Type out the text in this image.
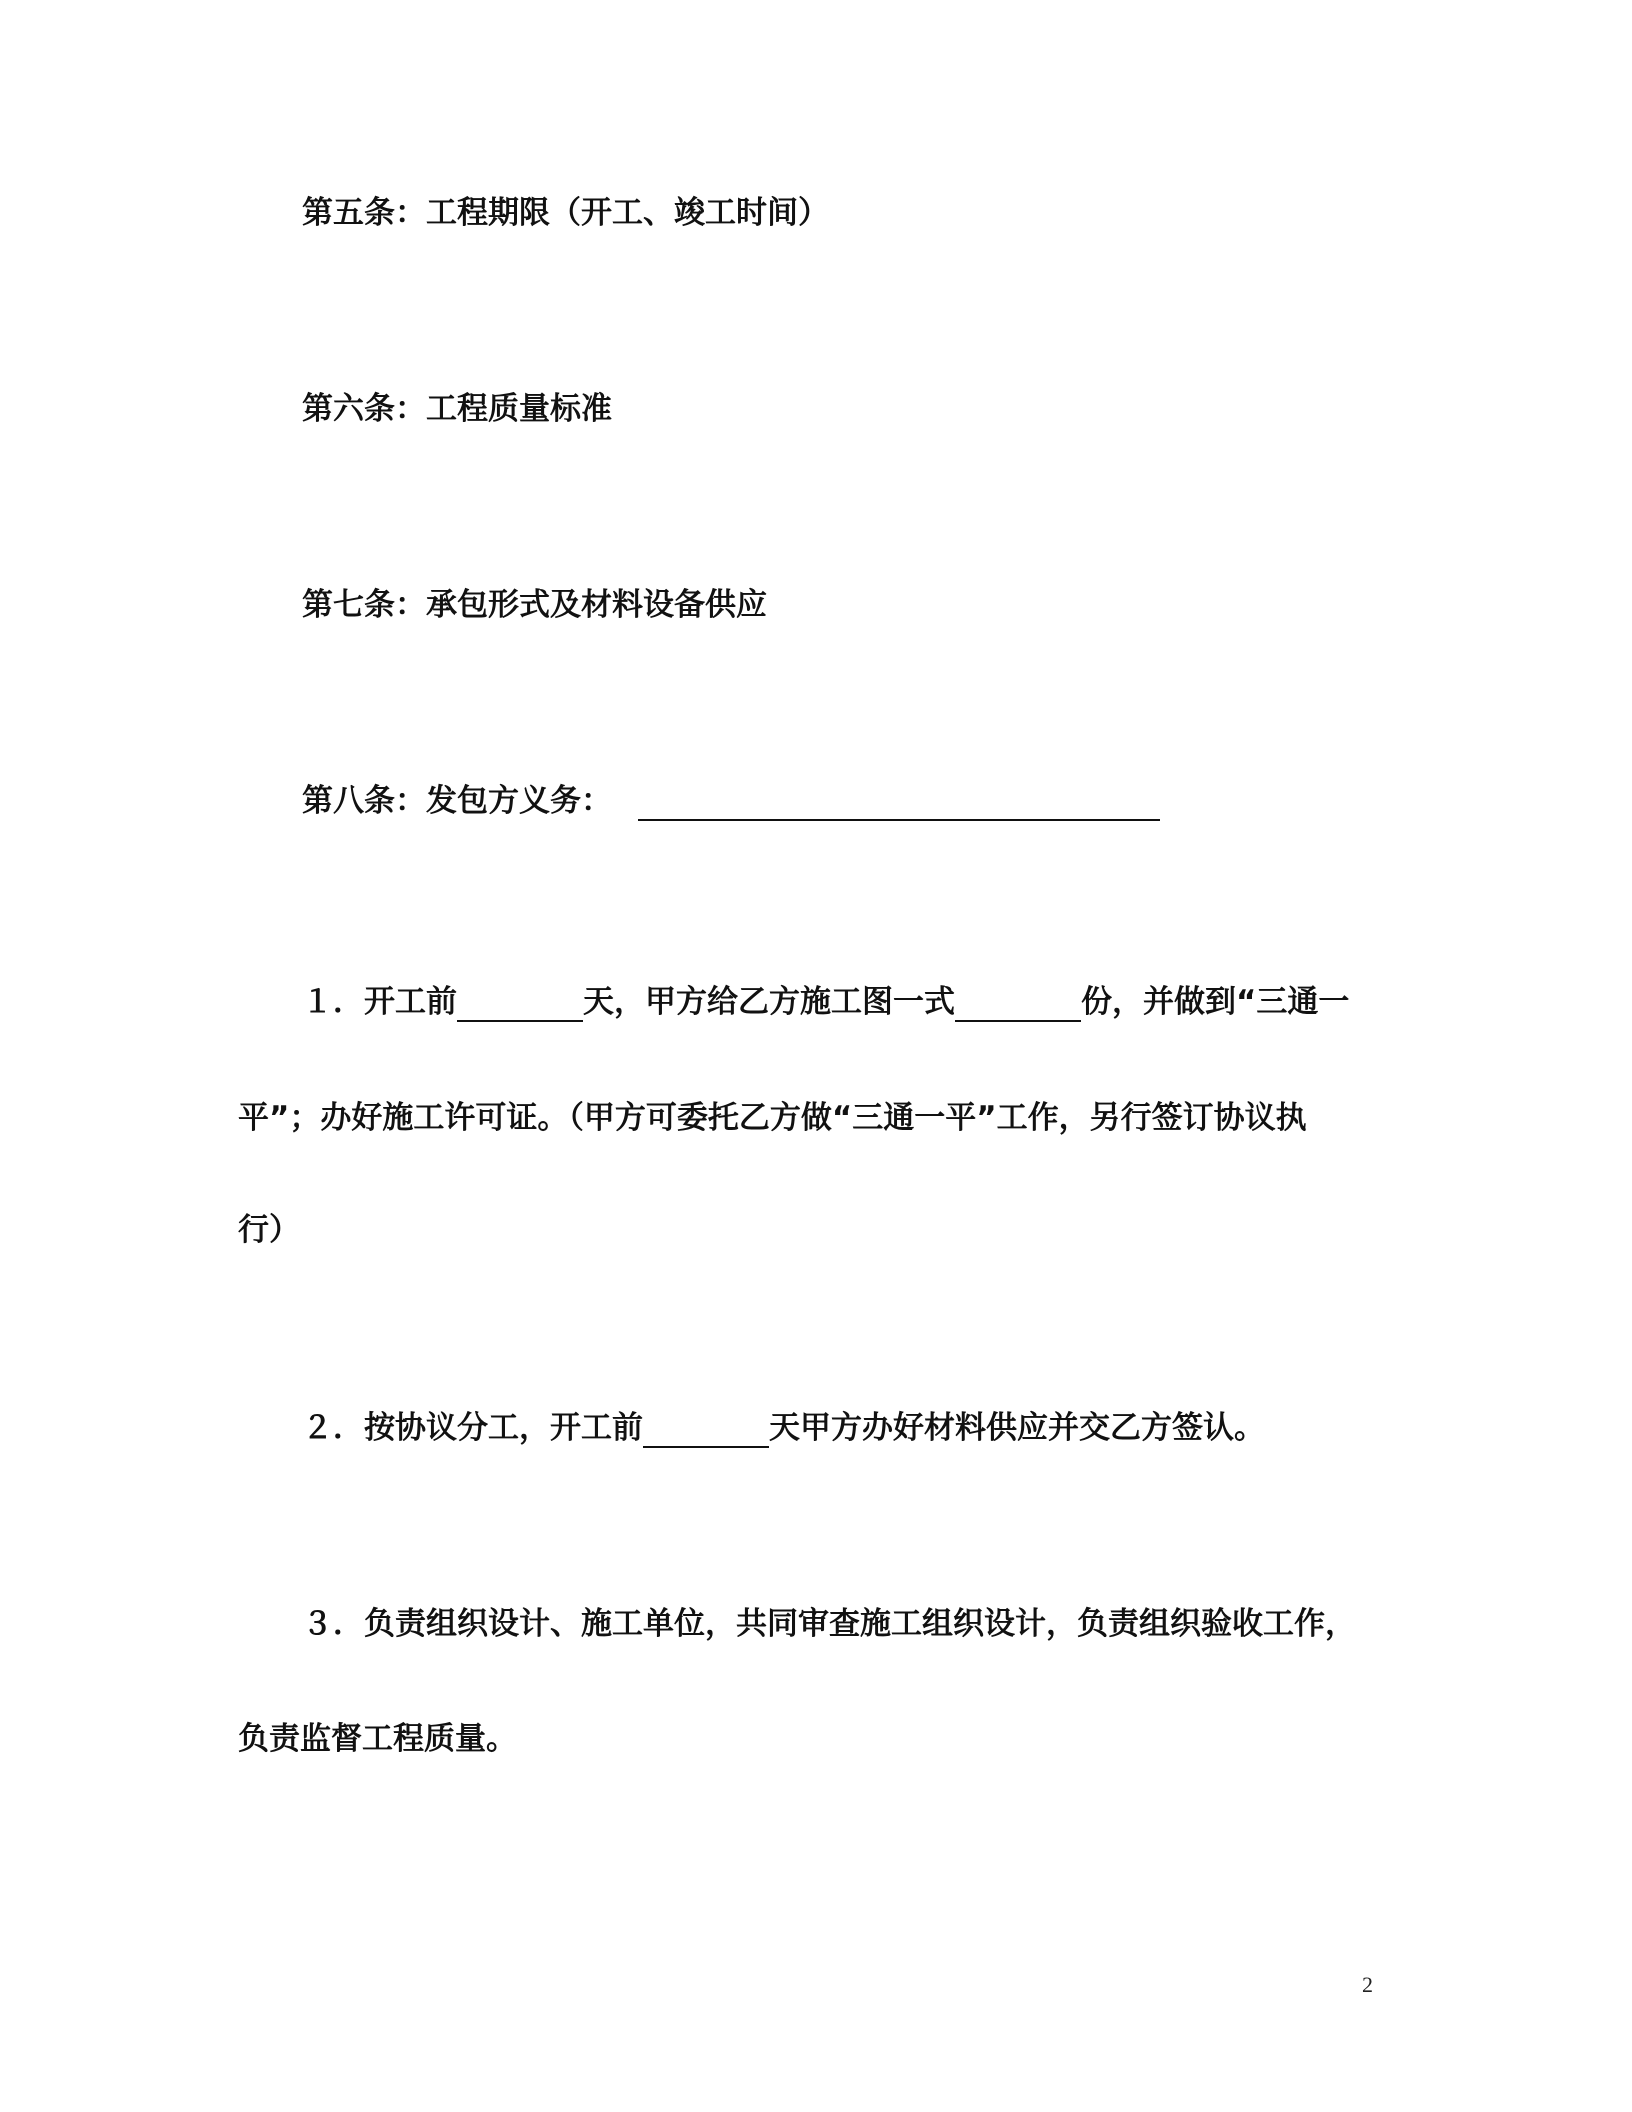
第五条：工程期限（开工、竣工时间）
第六条：工程质量标准
第七条：承包形式及材料设备供应
第八条：发包方义务：
１．开工前	天，甲方给乙方施工图一式	份，并做到“三通一
平”；办好施工许可证。（甲方可委托乙方做“三通一平”工作，另行签订协议执
行）
２．按协议分工，开工前	天甲方办好材料供应并交乙方签认。
３．负责组织设计、施工单位，共同审查施工组织设计，负责组织验收工作，
负责监督工程质量。
2
